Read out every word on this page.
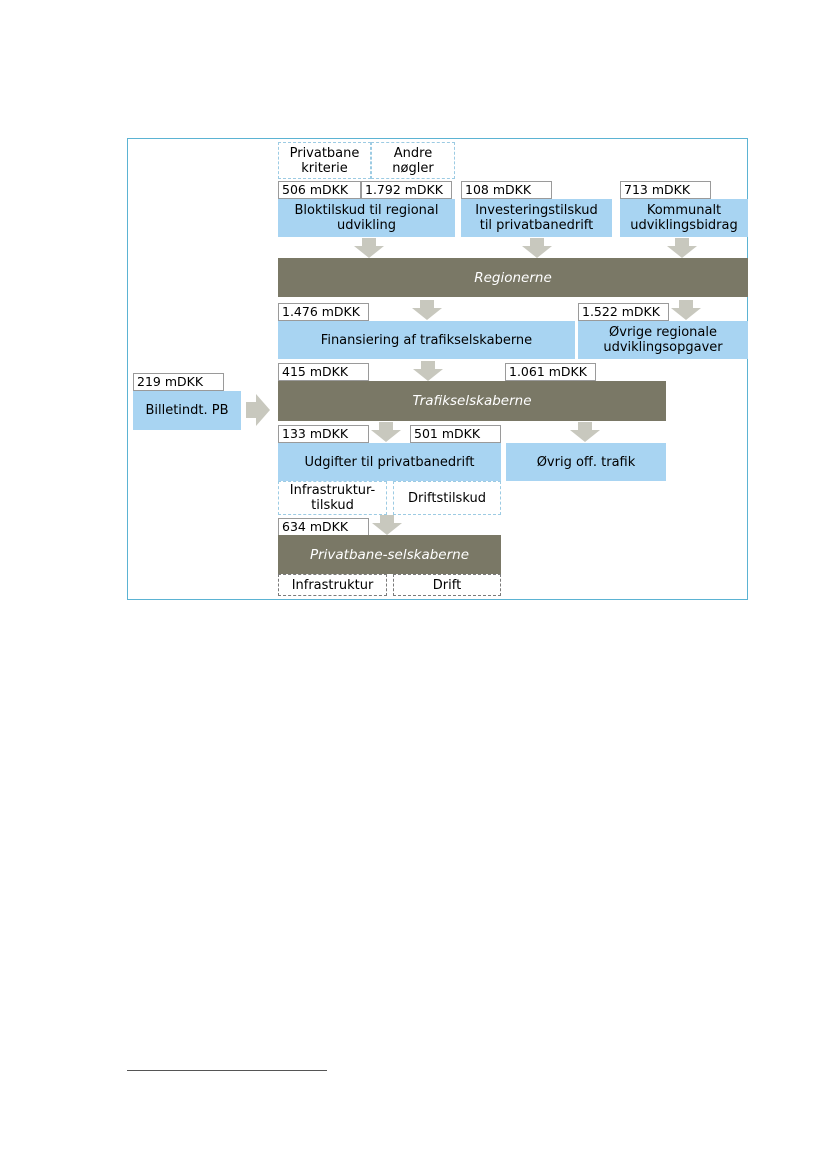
Privatbane
kriterie
Andre
nøgler
506 mDKK	1.792 mDKK	108 mDKK	713 mDKK
Bloktilskud til regional
udvikling
Investeringstilskud
til privatbanedrift
Kommunalt
udviklingsbidrag
Regionerne
1.476 mDKK	1.522 mDKK
Finansiering af trafikselskaberne	Øvrige regionale
udviklingsopgaver
219 mDKK
Billetindt. PB
415 mDKK	1.061 mDKK
Trafikselskaberne
133 mDKK	501 mDKK
Udgifter til privatbanedrift	Øvrig off. trafik
Infrastruktur-
tilskud	Driftstilskud
634 mDKK
Privatbane-selskaberne
Infrastruktur	Drift
